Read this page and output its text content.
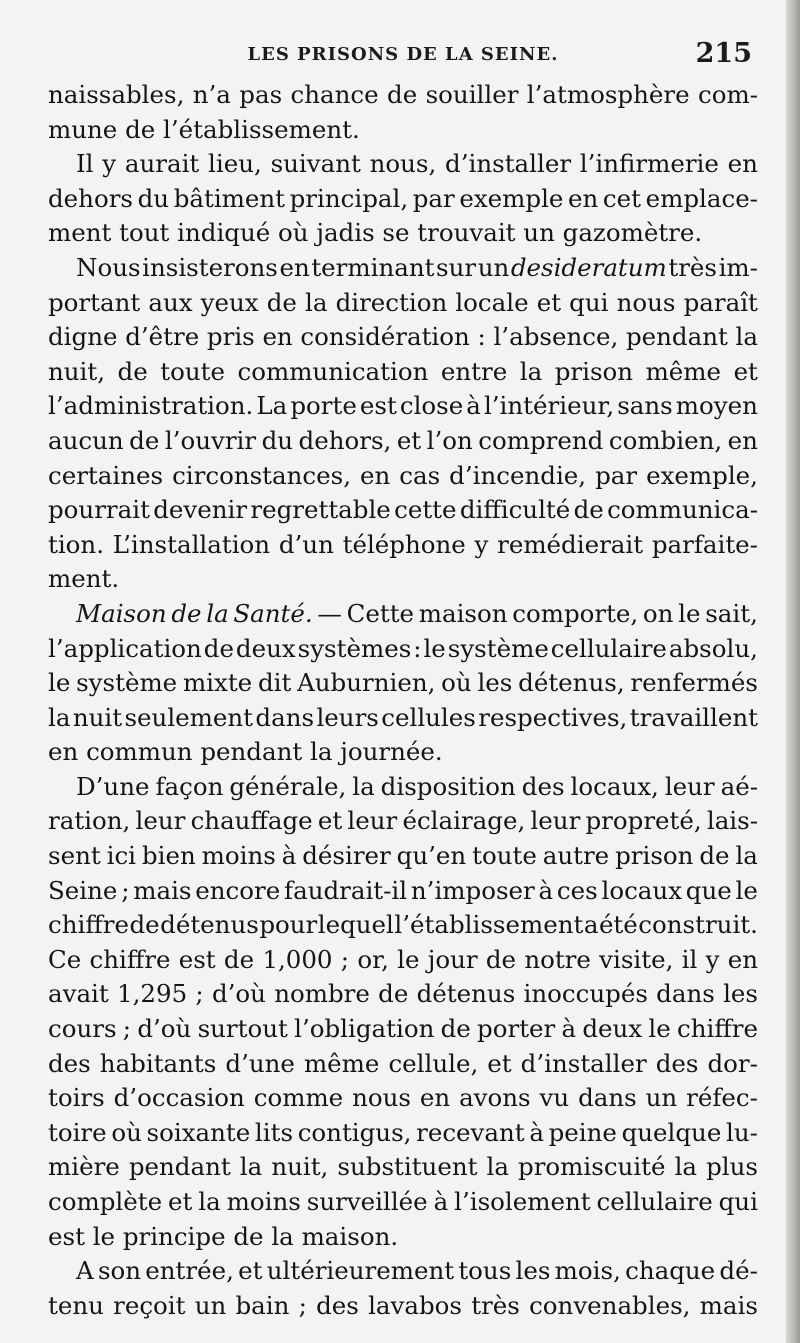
LES PRISONS DE LA SEINE.	215
naissables, n’a pas chance de souiller l’atmosphère com-
mune de l’établissement.
Il y aurait lieu, suivant nous, d’installer l’infirmerie en
dehors du bâtiment principal, par exemple en cet emplace-
ment tout indiqué où jadis se trouvait un gazomètre.
Nous insisterons en terminant sur un desideratum très im-
portant aux yeux de la direction locale et qui nous paraît
digne d’être pris en considération : l’absence, pendant la
nuit, de toute communication entre la prison même et
l’administration. La porte est close à l’intérieur, sans moyen
aucun de l’ouvrir du dehors, et l’on comprend combien, en
certaines circonstances, en cas d’incendie, par exemple,
pourrait devenir regrettable cette difficulté de communica-
tion. L’installation d’un téléphone y remédierait parfaite-
ment.
Maison de la Santé. — Cette maison comporte, on le sait,
l’application de deux systèmes : le système cellulaire absolu,
le système mixte dit Auburnien, où les détenus, renfermés
la nuit seulement dans leurs cellules respectives, travaillent
en commun pendant la journée.
D’une façon générale, la disposition des locaux, leur aé-
ration, leur chauffage et leur éclairage, leur propreté, lais-
sent ici bien moins à désirer qu’en toute autre prison de la
Seine ; mais encore faudrait-il n’imposer à ces locaux que le
chiffre de détenus pour lequel l’établissement a été construit.
Ce chiffre est de 1,000 ; or, le jour de notre visite, il y en
avait 1,295 ; d’où nombre de détenus inoccupés dans les
cours ; d’où surtout l’obligation de porter à deux le chiffre
des habitants d’une même cellule, et d’installer des dor-
toirs d’occasion comme nous en avons vu dans un réfec-
toire où soixante lits contigus, recevant à peine quelque lu-
mière pendant la nuit, substituent la promiscuité la plus
complète et la moins surveillée à l’isolement cellulaire qui
est le principe de la maison.
A son entrée, et ultérieurement tous les mois, chaque dé-
tenu reçoit un bain ; des lavabos très convenables, mais
